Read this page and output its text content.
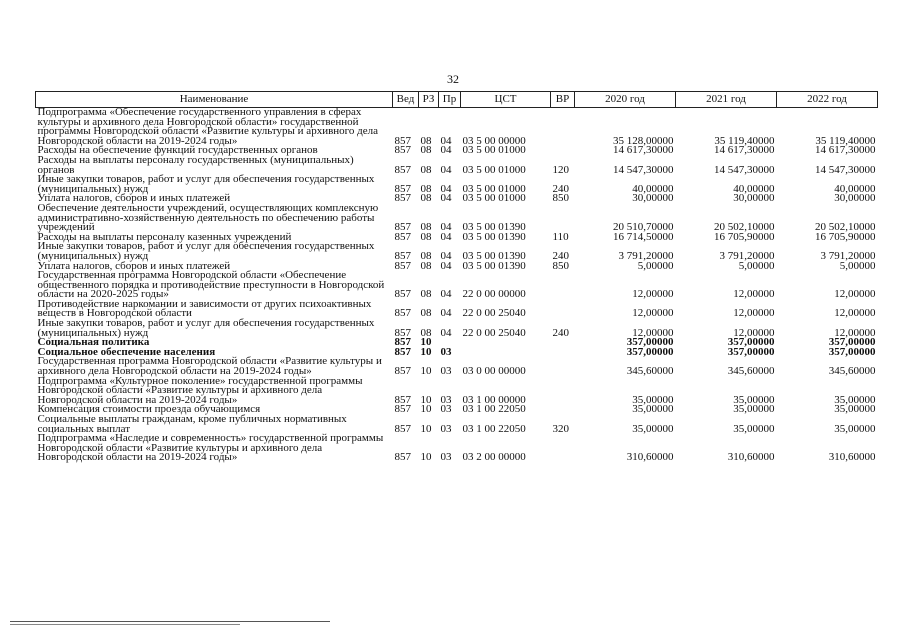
32
Наименование	Вед	РЗ	Пр	ЦСТ	ВР	2020 год	2021 год	2022 год
Подпрограмма «Обеспечение государственного управления в сферах культуры и архивного дела Новгородской области» государственной программы Новгородской области «Развитие культуры и архивного дела Новгородской области на 2019-2024 годы»	857	08	04	03 5 00 00000		35 128,00000	35 119,40000	35 119,40000
Расходы на обеспечение функций государственных органов	857	08	04	03 5 00 01000		14 617,30000	14 617,30000	14 617,30000
Расходы на выплаты персоналу государственных (муниципальных) органов	857	08	04	03 5 00 01000	120	14 547,30000	14 547,30000	14 547,30000
Иные закупки товаров, работ и услуг для обеспечения государственных (муниципальных) нужд	857	08	04	03 5 00 01000	240	40,00000	40,00000	40,00000
Уплата налогов, сборов и иных платежей	857	08	04	03 5 00 01000	850	30,00000	30,00000	30,00000
Обеспечение деятельности учреждений, осуществляющих комплексную административно-хозяйственную деятельность по обеспечению работы учреждений	857	08	04	03 5 00 01390		20 510,70000	20 502,10000	20 502,10000
Расходы на выплаты персоналу казенных учреждений	857	08	04	03 5 00 01390	110	16 714,50000	16 705,90000	16 705,90000
Иные закупки товаров, работ и услуг для обеспечения государственных (муниципальных) нужд	857	08	04	03 5 00 01390	240	3 791,20000	3 791,20000	3 791,20000
Уплата налогов, сборов и иных платежей	857	08	04	03 5 00 01390	850	5,00000	5,00000	5,00000
Государственная программа Новгородской области «Обеспечение общественного порядка и противодействие преступности в Новгородской области на 2020-2025 годы»	857	08	04	22 0 00 00000		12,00000	12,00000	12,00000
Противодействие наркомании и зависимости от других психоактивных веществ в Новгородской области	857	08	04	22 0 00 25040		12,00000	12,00000	12,00000
Иные закупки товаров, работ и услуг для обеспечения государственных (муниципальных) нужд	857	08	04	22 0 00 25040	240	12,00000	12,00000	12,00000
Социальная политика	857	10				357,00000	357,00000	357,00000
Социальное обеспечение населения	857	10	03			357,00000	357,00000	357,00000
Государственная программа Новгородской области «Развитие культуры и архивного дела Новгородской области на 2019-2024 годы»	857	10	03	03 0 00 00000		345,60000	345,60000	345,60000
Подпрограмма «Культурное поколение» государственной программы Новгородской области «Развитие культуры и архивного дела Новгородской области на 2019-2024 годы»	857	10	03	03 1 00 00000		35,00000	35,00000	35,00000
Компенсация стоимости проезда обучающимся	857	10	03	03 1 00 22050		35,00000	35,00000	35,00000
Социальные выплаты гражданам, кроме публичных нормативных социальных выплат	857	10	03	03 1 00 22050	320	35,00000	35,00000	35,00000
Подпрограмма «Наследие и современность» государственной программы Новгородской области «Развитие культуры и архивного дела Новгородской области на 2019-2024 годы»	857	10	03	03 2 00 00000		310,60000	310,60000	310,60000
